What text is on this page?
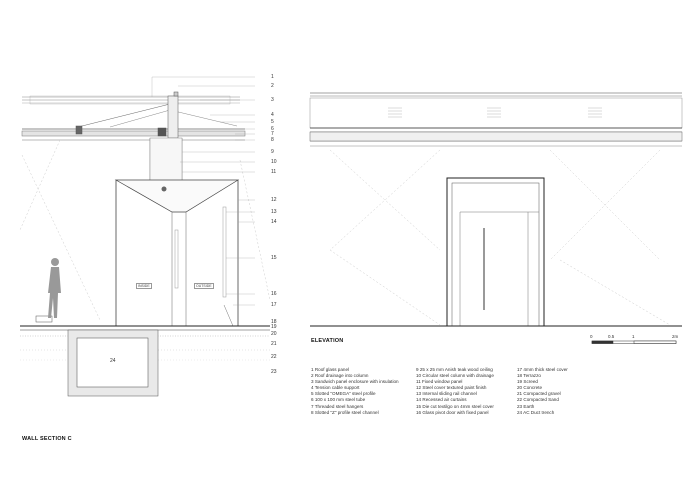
1
2
3
4
5
6
7
8
9
10
11
12
13
14
15
16
17
18
19
20
21
22
23
24
INSIDE	OUTSIDE
WALL SECTION C
ELEVATION
0	0.5	1	2m
1 Roof glass panel
2 Roof drainage into column
3 Sandwich panel enclosure with insulation
4 Tension cable support
5 Slotted "OMEGA" steel profile
6 100 x 100 mm steel tube
7 Threaded steel hangers
8 Slotted "Z" profile steel channel
9 25 x 25 mm Anish teak wood ceiling
10 Circular steel column with drainage
11 Fixed window panel
12 Steel cover textured paint finish
13 Internal sliding rail channel
14 Recessed air curtains
15 Die cut textilgo on 4mm steel cover
16 Glass pivot door with fixed panel
17 4mm thick steel cover
18 Terrazzo
19 Screed
20 Concrete
21 Compacted gravel
22 Compacted Sand
23 Earth
24 AC Duct trench
